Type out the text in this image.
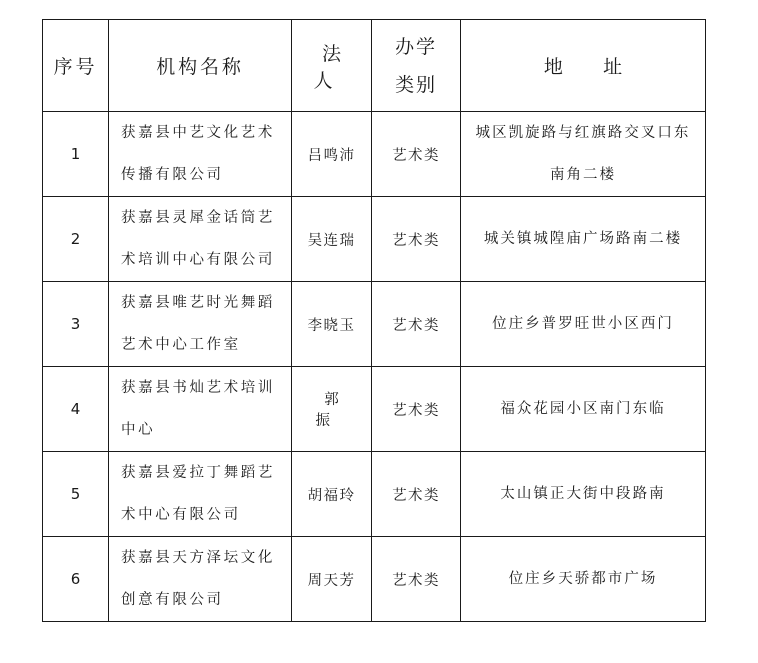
序号	机构名称	法 人	办学类别	地 址
1	获嘉县中艺文化艺术传播有限公司	吕鸣沛	艺术类	城区凯旋路与红旗路交叉口东南角二楼
2	获嘉县灵犀金话筒艺术培训中心有限公司	吴连瑞	艺术类	城关镇城隍庙广场路南二楼
3	获嘉县唯艺时光舞蹈艺术中心工作室	李晓玉	艺术类	位庄乡普罗旺世小区西门
4	获嘉县书灿艺术培训中心	郭 振	艺术类	福众花园小区南门东临
5	获嘉县爱拉丁舞蹈艺术中心有限公司	胡福玲	艺术类	太山镇正大街中段路南
6	获嘉县天方泽坛文化创意有限公司	周天芳	艺术类	位庄乡天骄都市广场
